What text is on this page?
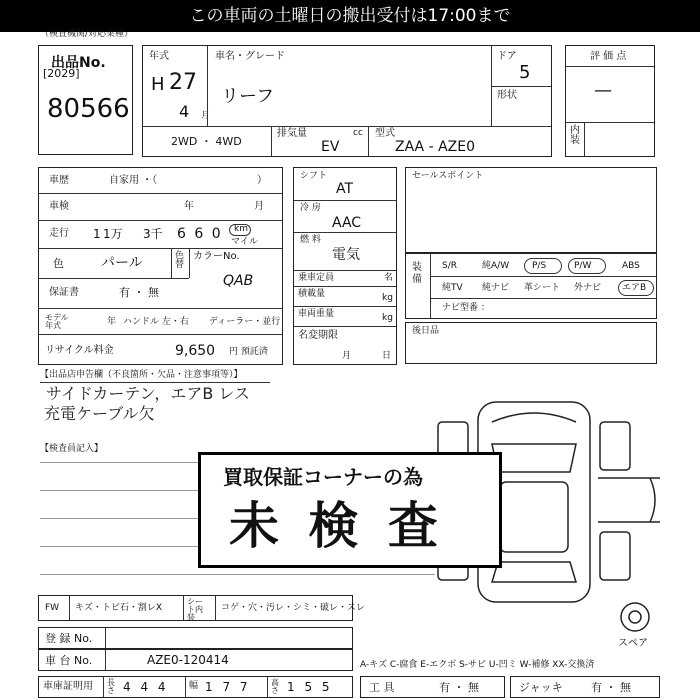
この車両の土曜日の搬出受付は17:00まで
（検査機関/対応業種）
出品No.
[2029]
80566
年式
H 27
4 月
車名・グレード
リーフ
ドア
5
形状
2WD ・ 4WD
排気量	cc
EV
型式
ZAA - AZE0
評 価 点
—
内装
車歴	自家用 ・（	）
車検	年	月
走行 1 1万 3千 6 6 0 km
マイル
色	パール	色替
カラーNo.
QAB
保証書	有 ・ 無
モデル年式	年 ハンドル 左・右 ディーラー・並行
リサイクル料金	9,650 円 預託済
シフト
AT
冷 房
AAC
燃 料
電気
乗車定員	名
積載量	kg
車両重量	kg
名変期限
月	日
セールスポイント
装備
S/R	純A/W	P/S	P/W	ABS
純TV 純ナビ 革シート 外ナビ エアB
ナビ型番 ：
後日品
【出品店申告欄（不良箇所・欠品・注意事項等）】
サイドカーテン，エアB レス
充電ケーブル欠
【検査員記入】
スペア
買取保証コーナーの為
未 検 査
FW キズ・トビ石・割レX
シート内装
コゲ・穴・汚レ・シミ・破レ・スレ
登 録 No.
車 台 No.	AZE0-120414	A-キズ C-腐食 E-エクボ S-サビ U-凹ミ W-補修 XX-交換済
車庫証明用 長さ 4 4 4 幅 1 7 7	高さ 1 5 5	工 具	有 ・ 無	ジャッキ	有 ・ 無
